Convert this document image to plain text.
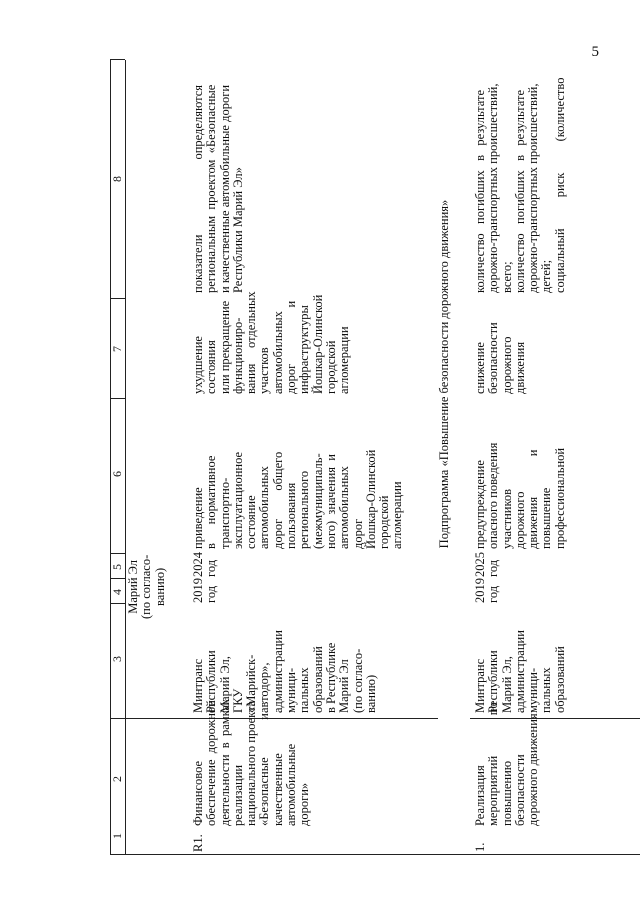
5
1
2
3
4
5
6
7
8
Марий Эл
(по согласо-
ванию)
R1.
Финансовое
обеспечение  дорожной
деятельности  в  рамках
реализации
национального проекта
«Безопасные            и
качественные
автомобильные
дороги»
Минтранс
Республики
Марий Эл,
ГКУ
«Марийск-
автодор»,
администрации
муници-
пальных
образований
в Республике
Марий Эл
(по согласо-
ванию)
2019
год
2024
год
приведение
в      нормативное
транспортно-
эксплуатационное
состояние
автомобильных
дорог         общего
пользования
регионального
(межмуниципаль-
ного)  значения  и
автомобильных
дорог
Йошкар-Олинской
городской
агломерации
ухудшение
состояния
или прекращение
функциониро-
вания     отдельных
участков
автомобильных
дорог                  и
инфраструктуры
Йошкар-Олинской
городской
агломерации
показатели                        определяются
региональным  проектом  «Безопасные
и качественные автомобильные дороги
Республики Марий Эл»
Подпрограмма «Повышение безопасности дорожного движения»
1.
Реализация
мероприятий             по
повышению
безопасности
дорожного движения
Минтранс
Республики
Марий Эл,
администрации
муници-
пальных
образований
2019
год
2025
год
предупреждение
опасного поведения
участников
дорожного
движения             и
повышение
профессиональной
снижение
безопасности
дорожного
движения
количество   погибших   в   результате
дорожно-транспортных происшествий,
всего;
количество   погибших   в   результате
дорожно-транспортных происшествий,
детей;
социальный          риск          (количество
